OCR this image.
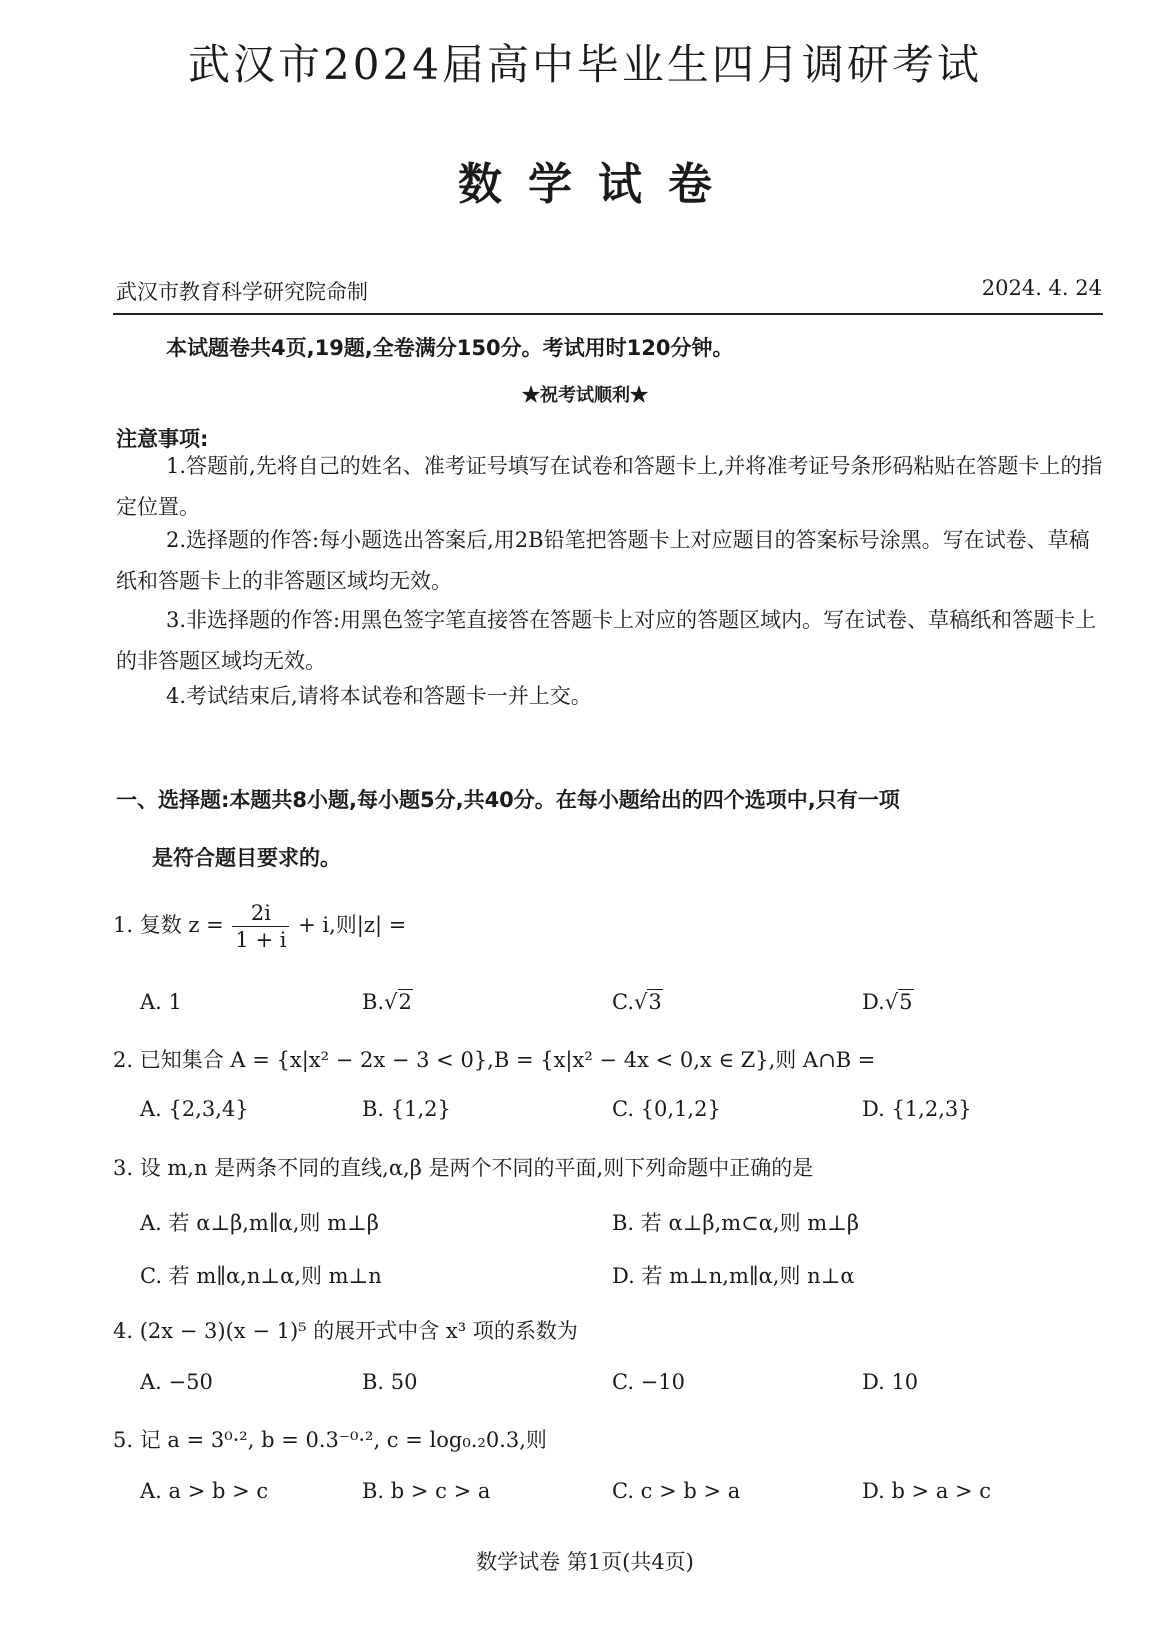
武汉市2024届高中毕业生四月调研考试
数学试卷
武汉市教育科学研究院命制	2024. 4. 24
本试题卷共4页,19题,全卷满分150分。考试用时120分钟。
★祝考试顺利★
注意事项:
1.答题前,先将自己的姓名、准考证号填写在试卷和答题卡上,并将准考证号条形码粘贴在答题卡上的指定位置。
2.选择题的作答:每小题选出答案后,用2B铅笔把答题卡上对应题目的答案标号涂黑。写在试卷、草稿纸和答题卡上的非答题区域均无效。
3.非选择题的作答:用黑色签字笔直接答在答题卡上对应的答题区域内。写在试卷、草稿纸和答题卡上的非答题区域均无效。
4.考试结束后,请将本试卷和答题卡一并上交。
一、选择题:本题共8小题,每小题5分,共40分。在每小题给出的四个选项中,只有一项
是符合题目要求的。
1. 复数 $z = \frac{2i}{1 + i} + i$,则|z| =
A. 1	B.√2	C.√3	D.√5
2. 已知集合 A = {x|x² − 2x − 3 < 0},B = {x|x² − 4x < 0,x ∈ Z},则 A∩B =
A. {2,3,4}	B. {1,2}	C. {0,1,2}	D. {1,2,3}
3. 设 m,n 是两条不同的直线,α,β 是两个不同的平面,则下列命题中正确的是
A. 若 α⊥β,m∥α,则 m⊥β	B. 若 α⊥β,m⊂α,则 m⊥β
C. 若 m∥α,n⊥α,则 m⊥n	D. 若 m⊥n,m∥α,则 n⊥α
4. (2x − 3)(x − 1)⁵ 的展开式中含 x³ 项的系数为
A. −50	B. 50	C. −10	D. 10
5. 记 a = 3⁰·², b = 0.3⁻⁰·², c = log₀.₂0.3,则
A. a > b > c	B. b > c > a	C. c > b > a	D. b > a > c
数学试卷 第1页(共4页)
